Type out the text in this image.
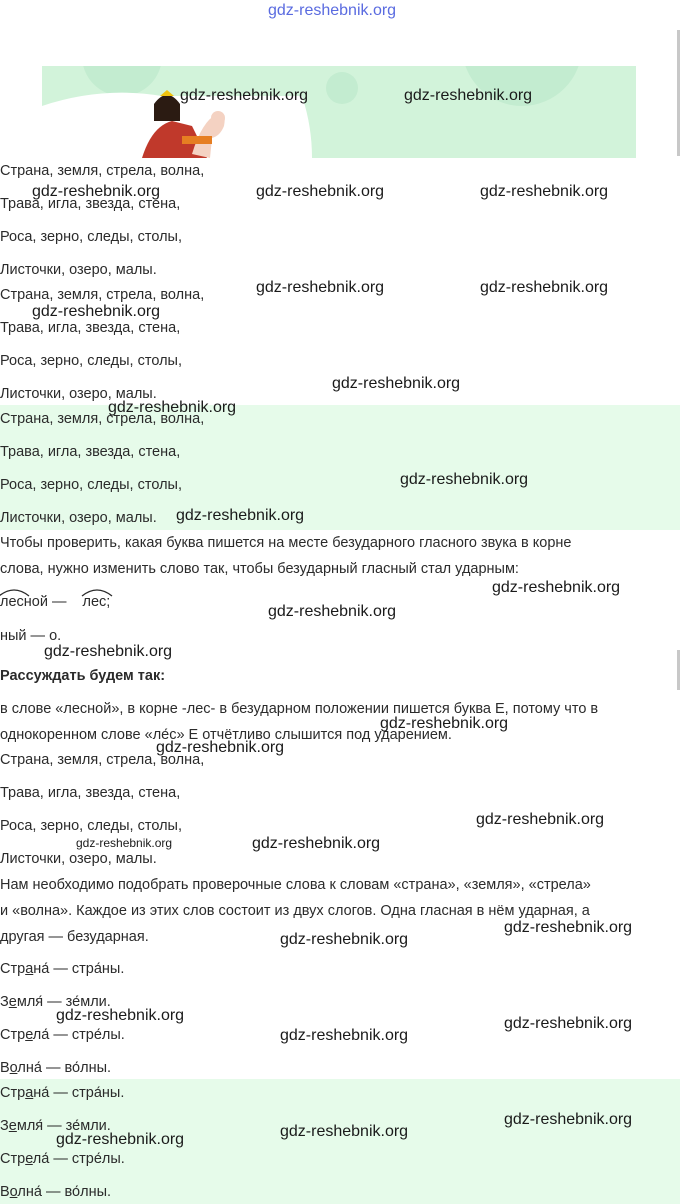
gdz-reshebnik.org
gdz-reshebnik.org	gdz-reshebnik.org
Страна, земля, стрела, волна,
Трава, игла, звезда, стена,
Роса, зерно, следы, столы,
Листочки, озеро, малы.
gdz-reshebnik.org	gdz-reshebnik.org	gdz-reshebnik.org
Страна, земля, стрела, волна,
Трава, игла, звезда, стена,
Роса, зерно, следы, столы,
Листочки, озеро, малы.
gdz-reshebnik.org	gdz-reshebnik.org
gdz-reshebnik.org
gdz-reshebnik.org
Страна, земля, стрела, волна,
Трава, игла, звезда, стена,
Роса, зерно, следы, столы,
Листочки, озеро, малы.
gdz-reshebnik.org
gdz-reshebnik.org
gdz-reshebnik.org
Чтобы проверить, какая буква пишется на месте безударного гласного звука в корне
слова, нужно изменить слово так, чтобы безударный гласный стал ударным:
gdz-reshebnik.org
лесной — лес;
gdz-reshebnik.org
ный — о.
gdz-reshebnik.org
Рассуждать будем так:
в слове «лесной», в корне -лес- в безударном положении пишется буква Е, потому что в
однокоренном слове «ле́с» Е отчётливо слышится под ударением.
gdz-reshebnik.org
gdz-reshebnik.org
Страна, земля, стрела, волна,
Трава, игла, звезда, стена,
Роса, зерно, следы, столы,
Листочки, озеро, малы.
gdz-reshebnik.org
gdz-reshebnik.org	gdz-reshebnik.org
Нам необходимо подобрать проверочные слова к словам «страна», «земля», «стрела»
и «волна». Каждое из этих слов состоит из двух слогов. Одна гласная в нём ударная, а
другая — безударная.	gdz-reshebnik.org
gdz-reshebnik.org
Страна́ — стра́ны.
Земля́ — зе́мли.
Стрела́ — стре́лы.
Волна́ — во́лны.
gdz-reshebnik.org
gdz-reshebnik.org
gdz-reshebnik.org
Страна́ — стра́ны.
Земля́ — зе́мли.
Стрела́ — стре́лы.
Волна́ — во́лны.
gdz-reshebnik.org
gdz-reshebnik.org	gdz-reshebnik.org
